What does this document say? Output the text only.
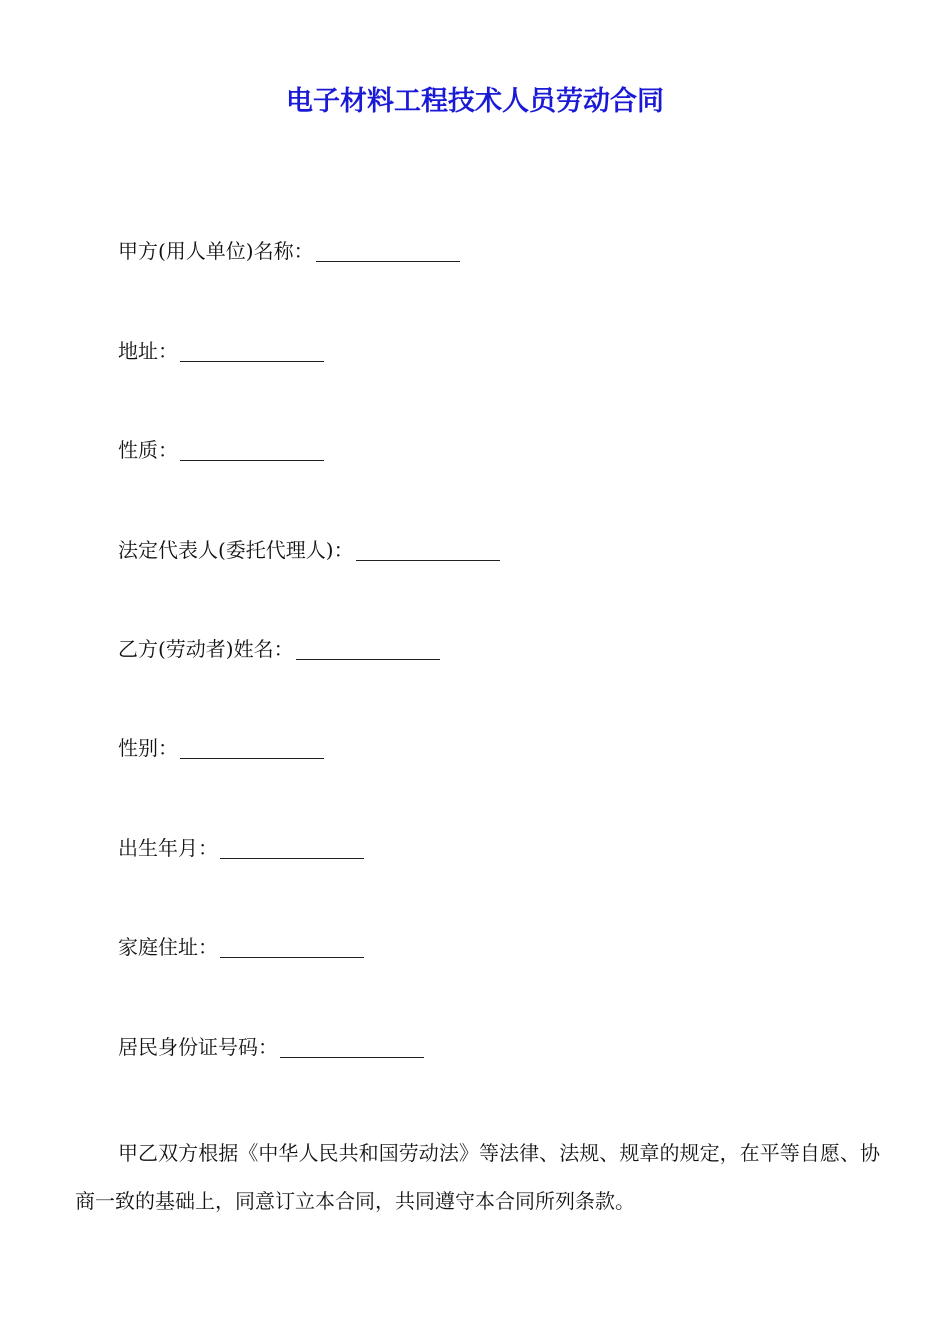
电子材料工程技术人员劳动合同
甲方(用人单位)名称：
地址：
性质：
法定代表人(委托代理人)：
乙方(劳动者)姓名：
性别：
出生年月：
家庭住址：
居民身份证号码：

甲乙双方根据《中华人民共和国劳动法》等法律、法规、规章的规定，在平等自愿、协商一致的基础上，同意订立本合同，共同遵守本合同所列条款。
